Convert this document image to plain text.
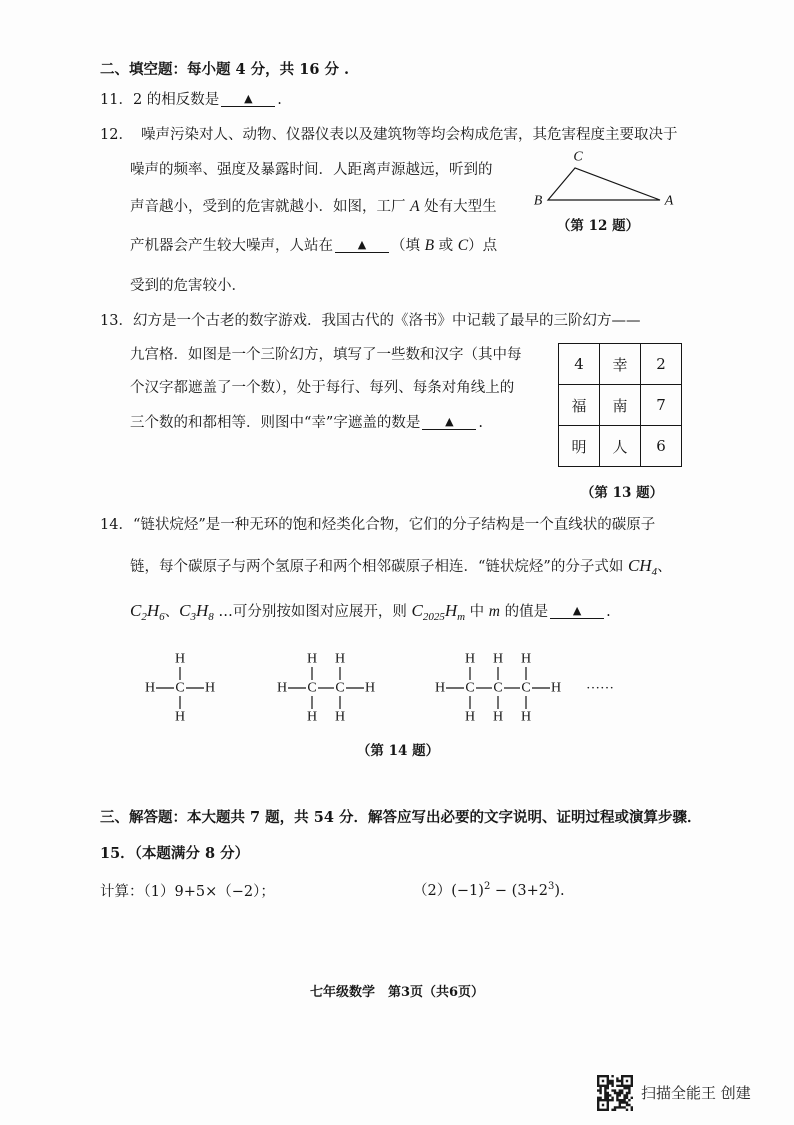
二、填空题：每小题 4 分，共 16 分 .
11．2 的相反数是 ▲ .
12． 噪声污染对人、动物、仪器仪表以及建筑物等均会构成危害，其危害程度主要取决于
噪声的频率、强度及暴露时间．人距离声源越远，听到的
声音越小，受到的危害就越小．如图，工厂 A 处有大型生
产机器会产生较大噪声，人站在 ▲ （填 B 或 C）点
受到的危害较小．
C
B	A
（第 12 题）
13．幻方是一个古老的数字游戏．我国古代的《洛书》中记载了最早的三阶幻方——
九宫格．如图是一个三阶幻方，填写了一些数和汉字（其中每
个汉字都遮盖了一个数），处于每行、每列、每条对角线上的
三个数的和都相等．则图中“幸”字遮盖的数是 ▲ .
4	幸	2
福	南	7
明	人	6
（第 13 题）
14．“链状烷烃”是一种无环的饱和烃类化合物，它们的分子结构是一个直线状的碳原子
链，每个碳原子与两个氢原子和两个相邻碳原子相连．“链状烷烃”的分子式如 $CH_4$、
$C_2H_6$、$C_3H_8$ …可分别按如图对应展开，则 $C_{2025}H_m$ 中 m 的值是 ▲ .
……
H C
H
H
H	H C
H
H
C
H
H
H	H C
H
H
C
H
H
C
H
H
H
（第 14 题）
三、解答题：本大题共 7 题，共 54 分．解答应写出必要的文字说明、证明过程或演算步骤．
15．（本题满分 8 分）
计算：（1）9+5×（−2）；	$(2)(-1)^2 - (3+2^3)$.
七年级数学　第3页（共6页）
扫描全能王 创建
